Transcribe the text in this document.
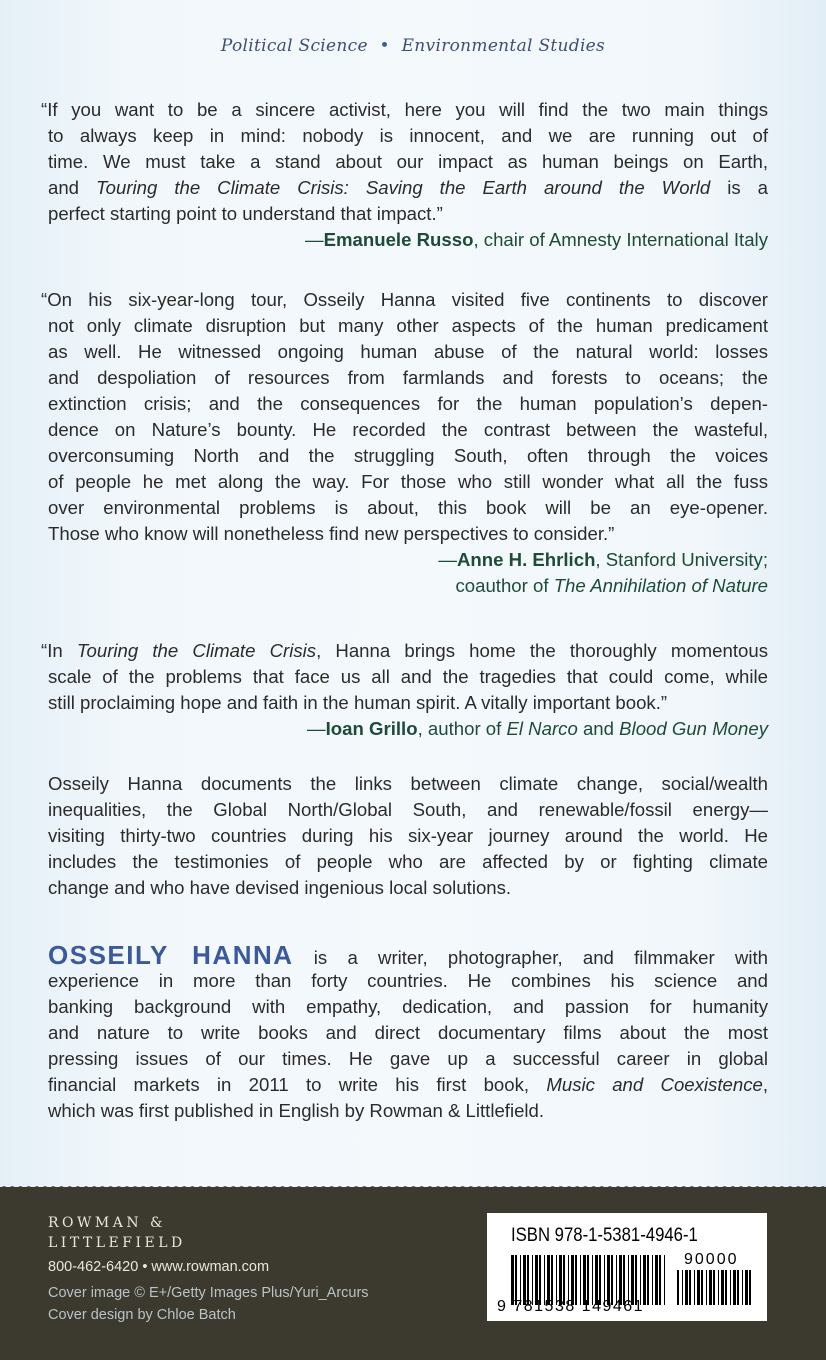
Political Science • Environmental Studies
“If you want to be a sincere activist, here you will find the two main things
to always keep in mind: nobody is innocent, and we are running out of
time. We must take a stand about our impact as human beings on Earth,
and Touring the Climate Crisis: Saving the Earth around the World is a
perfect starting point to understand that impact.”
—Emanuele Russo, chair of Amnesty International Italy
“On his six-year-long tour, Osseily Hanna visited five continents to discover
not only climate disruption but many other aspects of the human predicament
as well. He witnessed ongoing human abuse of the natural world: losses
and despoliation of resources from farmlands and forests to oceans; the
extinction crisis; and the consequences for the human population’s depen-
dence on Nature’s bounty. He recorded the contrast between the wasteful,
overconsuming North and the struggling South, often through the voices
of people he met along the way. For those who still wonder what all the fuss
over environmental problems is about, this book will be an eye-opener.
Those who know will nonetheless find new perspectives to consider.”
—Anne H. Ehrlich, Stanford University;
coauthor of The Annihilation of Nature
“In Touring the Climate Crisis, Hanna brings home the thoroughly momentous
scale of the problems that face us all and the tragedies that could come, while
still proclaiming hope and faith in the human spirit. A vitally important book.”
—Ioan Grillo, author of El Narco and Blood Gun Money
Osseily Hanna documents the links between climate change, social/wealth
inequalities, the Global North/Global South, and renewable/fossil energy—
visiting thirty-two countries during his six-year journey around the world. He
includes the testimonies of people who are affected by or fighting climate
change and who have devised ingenious local solutions.
OSSEILY HANNA is a writer, photographer, and filmmaker with
experience in more than forty countries. He combines his science and
banking background with empathy, dedication, and passion for humanity
and nature to write books and direct documentary films about the most
pressing issues of our times. He gave up a successful career in global
financial markets in 2011 to write his first book, Music and Coexistence,
which was first published in English by Rowman & Littlefield.
ROWMAN &
LITTLEFIELD
800-462-6420 • www.rowman.com
Cover image © E+/Getty Images Plus/Yuri_Arcurs
Cover design by Chloe Batch
ISBN 978-1-5381-4946-1
90000
9 781538 149461
